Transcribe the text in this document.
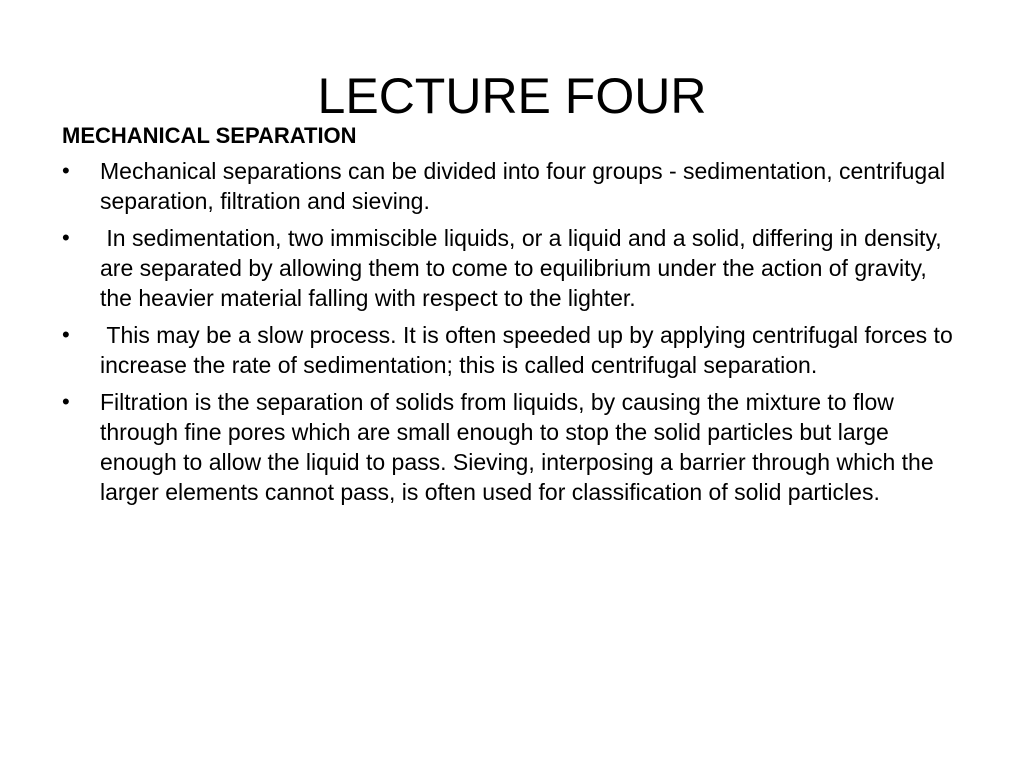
LECTURE FOUR
MECHANICAL SEPARATION
•	Mechanical separations can be divided into four groups - sedimentation, centrifugal separation, filtration and sieving.
•	In sedimentation, two immiscible liquids, or a liquid and a solid, differing in density, are separated by allowing them to come to equilibrium under the action of gravity, the heavier material falling with respect to the lighter.
•	This may be a slow process. It is often speeded up by applying centrifugal forces to increase the rate of sedimentation; this is called centrifugal separation.
•	Filtration is the separation of solids from liquids, by causing the mixture to flow through fine pores which are small enough to stop the solid particles but large enough to allow the liquid to pass. Sieving, interposing a barrier through which the larger elements cannot pass, is often used for classification of solid particles.
